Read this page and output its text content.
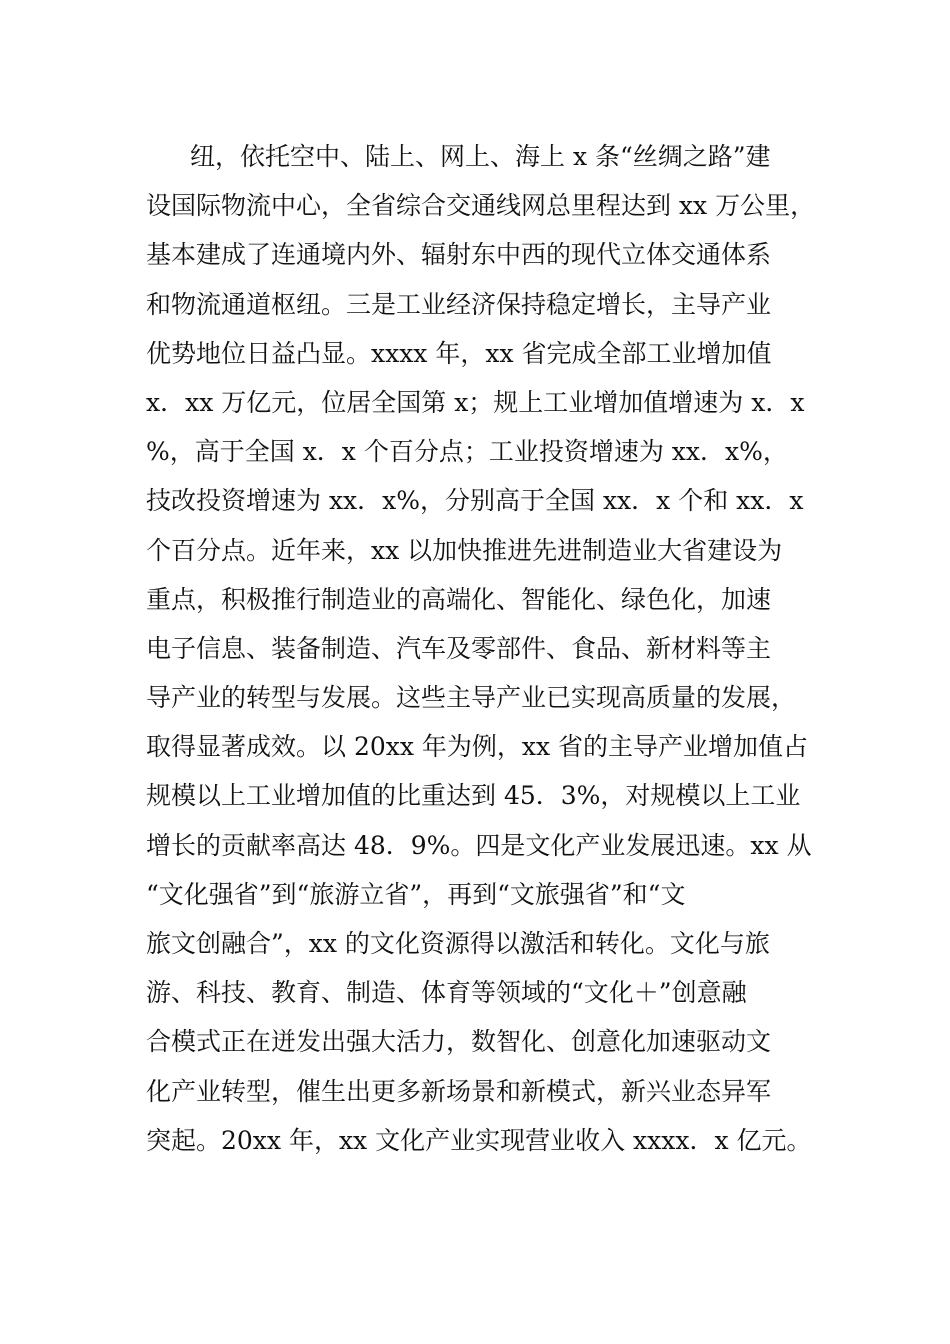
纽，依托空中、陆上、网上、海上 x 条“丝绸之路”建
设国际物流中心，全省综合交通线网总里程达到 xx 万公里，
基本建成了连通境内外、辐射东中西的现代立体交通体系
和物流通道枢纽。三是工业经济保持稳定增长，主导产业
优势地位日益凸显。xxxx 年，xx 省完成全部工业增加值
x．xx 万亿元，位居全国第 x；规上工业增加值增速为 x．x
%，高于全国 x．x 个百分点；工业投资增速为 xx．x%，
技改投资增速为 xx．x%，分别高于全国 xx．x 个和 xx．x
个百分点。近年来，xx 以加快推进先进制造业大省建设为
重点，积极推行制造业的高端化、智能化、绿色化，加速
电子信息、装备制造、汽车及零部件、食品、新材料等主
导产业的转型与发展。这些主导产业已实现高质量的发展，
取得显著成效。以 20xx 年为例，xx 省的主导产业增加值占
规模以上工业增加值的比重达到 45．3%，对规模以上工业
增长的贡献率高达 48．9%。四是文化产业发展迅速。xx 从
“文化强省”到“旅游立省”，再到“文旅强省”和“文
旅文创融合”，xx 的文化资源得以激活和转化。文化与旅
游、科技、教育、制造、体育等领域的“文化＋”创意融
合模式正在迸发出强大活力，数智化、创意化加速驱动文
化产业转型，催生出更多新场景和新模式，新兴业态异军
突起。20xx 年，xx 文化产业实现营业收入 xxxx．x 亿元。
